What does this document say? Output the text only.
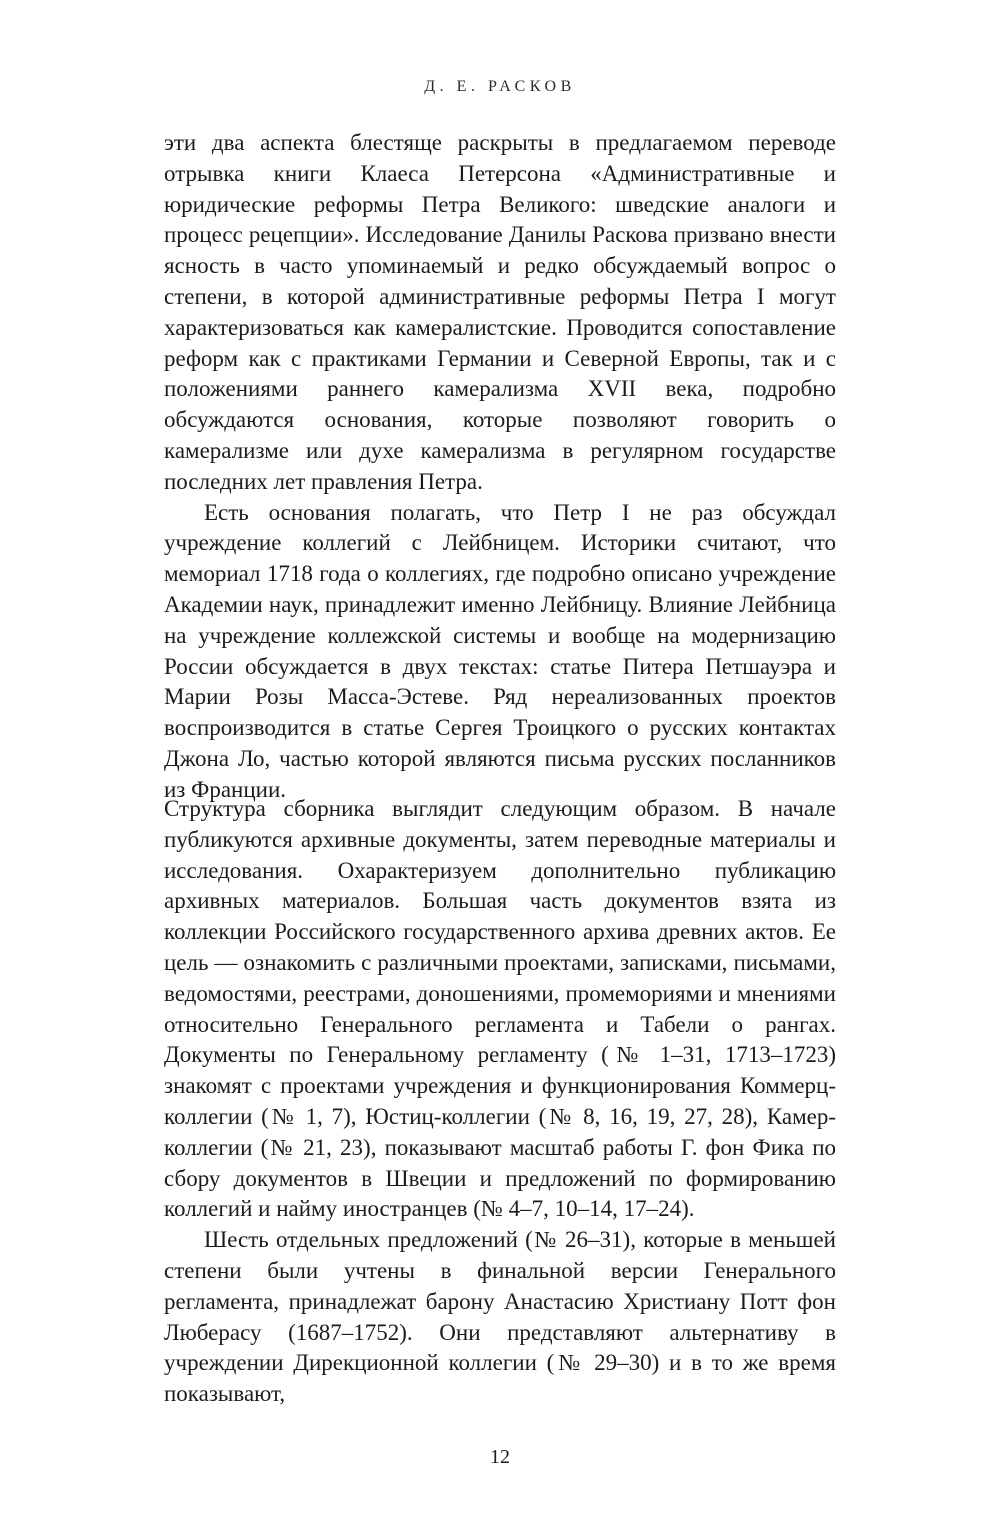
Д. Е. РАСКОВ

эти два аспекта блестяще раскрыты в предлагаемом переводе отрывка книги Клаеса Петерсона «Административные и юридические реформы Петра Великого: шведские аналоги и процесс рецепции». Исследование Данилы Раскова призвано внести ясность в часто упоминаемый и редко обсуждаемый вопрос о степени, в которой административные реформы Петра I могут характеризоваться как камералистские. Проводится сопоставление реформ как с практиками Германии и Северной Европы, так и с положениями раннего камерализма XVII века, подробно обсуждаются основания, которые позволяют говорить о камерализме или духе камерализма в регулярном государстве последних лет правления Петра.

Есть основания полагать, что Петр I не раз обсуждал учреждение коллегий с Лейбницем. Историки считают, что мемориал 1718 года о коллегиях, где подробно описано учреждение Академии наук, принадлежит именно Лейбницу. Влияние Лейбница на учреждение коллежской системы и вообще на модернизацию России обсуждается в двух текстах: статье Питера Петшауэра и Марии Розы Масса-Эстеве. Ряд нереализованных проектов воспроизводится в статье Сергея Троицкого о русских контактах Джона Ло, частью которой являются письма русских посланников из Франции.

Структура сборника выглядит следующим образом. В начале публикуются архивные документы, затем переводные материалы и исследования. Охарактеризуем дополнительно публикацию архивных материалов. Большая часть документов взята из коллекции Российского государственного архива древних актов. Ее цель — ознакомить с различными проектами, записками, письмами, ведомостями, реестрами, доношениями, промемориями и мнениями относительно Генерального регламента и Табели о рангах. Документы по Генеральному регламенту (№ 1–31, 1713–1723) знакомят с проектами учреждения и функционирования Коммерц-коллегии (№ 1, 7), Юстиц-коллегии (№ 8, 16, 19, 27, 28), Камер-коллегии (№ 21, 23), показывают масштаб работы Г. фон Фика по сбору документов в Швеции и предложений по формированию коллегий и найму иностранцев (№ 4–7, 10–14, 17–24).

Шесть отдельных предложений (№ 26–31), которые в меньшей степени были учтены в финальной версии Генерального регламента, принадлежат барону Анастасию Христиану Потт фон Люберасу (1687–1752). Они представляют альтернативу в учреждении Дирекционной коллегии (№ 29–30) и в то же время показывают,

12
